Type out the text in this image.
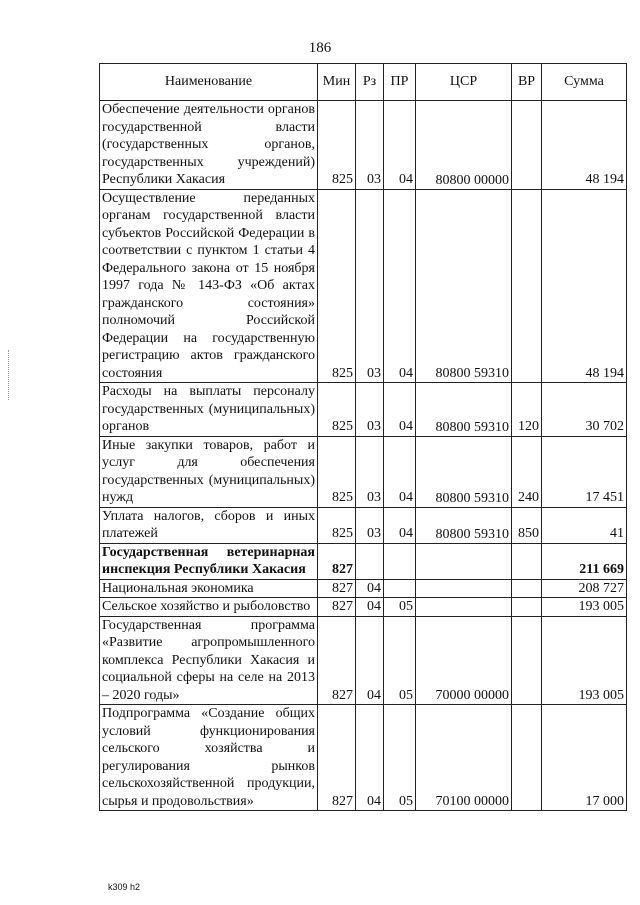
186
Наименование	Мин	Рз	ПР	ЦСР	ВР	Сумма
Обеспечение деятельности органов государственной власти (государственных органов, государственных учреждений) Республики Хакасия	825	03	04	80800 00000		48 194
Осуществление переданных органам государственной власти субъектов Российской Федерации в соответствии с пунктом 1 статьи 4 Федерального закона от 15 ноября 1997 года № 143-ФЗ «Об актах гражданского состояния» полномочий Российской Федерации на государственную регистрацию актов гражданского состояния	825	03	04	80800 59310		48 194
Расходы на выплаты персоналу государственных (муниципальных) органов	825	03	04	80800 59310	120	30 702
Иные закупки товаров, работ и услуг для обеспечения государственных (муниципальных) нужд	825	03	04	80800 59310	240	17 451
Уплата налогов, сборов и иных платежей	825	03	04	80800 59310	850	41
Государственная ветеринарная инспекция Республики Хакасия	827					211 669
Национальная экономика	827	04				208 727
Сельское хозяйство и рыболовство	827	04	05			193 005
Государственная программа «Развитие агропромышленного комплекса Республики Хакасия и социальной сферы на селе на 2013 – 2020 годы»	827	04	05	70000 00000		193 005
Подпрограмма «Создание общих условий функционирования сельского хозяйства и регулирования рынков сельскохозяйственной продукции, сырья и продовольствия»	827	04	05	70100 00000		17 000
k309 h2
